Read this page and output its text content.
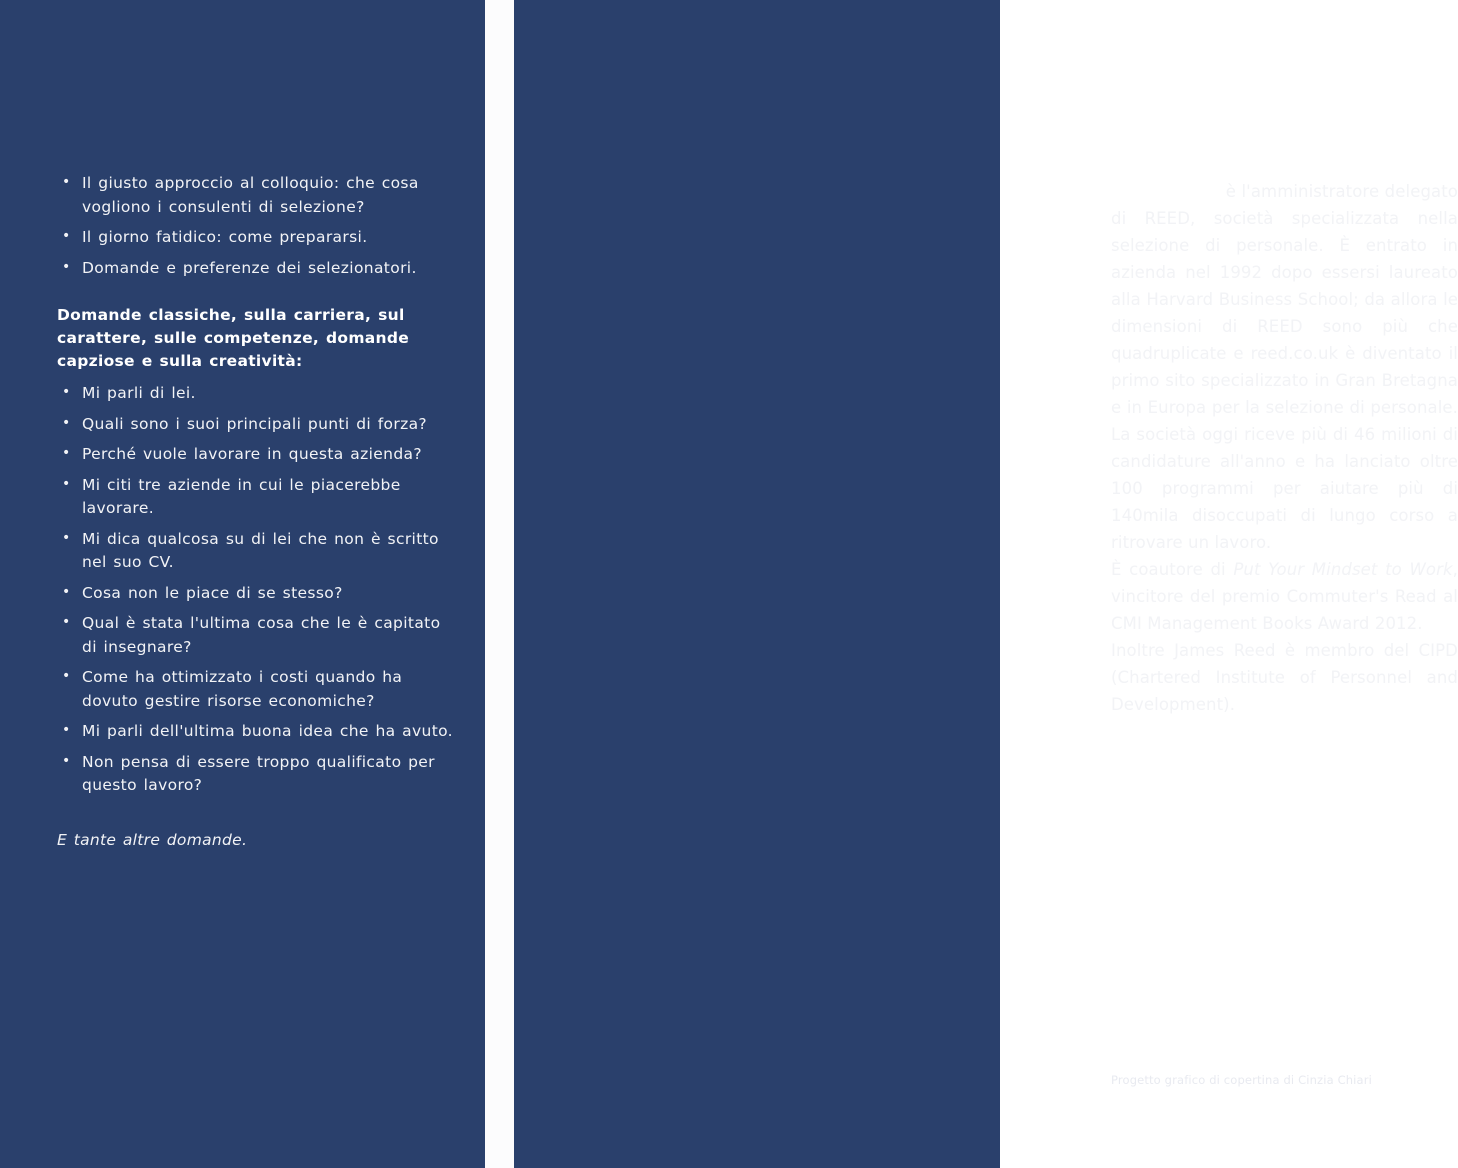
• Il giusto approccio al colloquio: che cosa vogliono i consulenti di selezione?
• Il giorno fatidico: come prepararsi.
• Domande e preferenze dei selezionatori.
Domande classiche, sulla carriera, sul carattere, sulle competenze, domande capziose e sulla creatività:
• Mi parli di lei.
• Quali sono i suoi principali punti di forza?
• Perché vuole lavorare in questa azienda?
• Mi citi tre aziende in cui le piacerebbe lavorare.
• Mi dica qualcosa su di lei che non è scritto nel suo CV.
• Cosa non le piace di se stesso?
• Qual è stata l'ultima cosa che le è capitato di insegnare?
• Come ha ottimizzato i costi quando ha dovuto gestire risorse economiche?
• Mi parli dell'ultima buona idea che ha avuto.
• Non pensa di essere troppo qualificato per questo lavoro?
E tante altre domande.

James Reed è l'amministratore delegato di REED, società specializzata nella selezione di personale. È entrato in azienda nel 1992 dopo essersi laureato alla Harvard Business School; da allora le dimensioni di REED sono più che quadruplicate e reed.co.uk è diventato il primo sito specializzato in Gran Bretagna e in Europa per la selezione di personale. La società oggi riceve più di 46 milioni di candidature all'anno e ha lanciato oltre 100 programmi per aiutare più di 140mila disoccupati di lungo corso a ritrovare un lavoro.

È coautore di Put Your Mindset to Work, vincitore del premio Commuter's Read al CMI Management Books Award 2012.

Inoltre James Reed è membro del CIPD (Chartered Institute of Personnel and Development).

Progetto grafico di copertina di Cinzia Chiari
